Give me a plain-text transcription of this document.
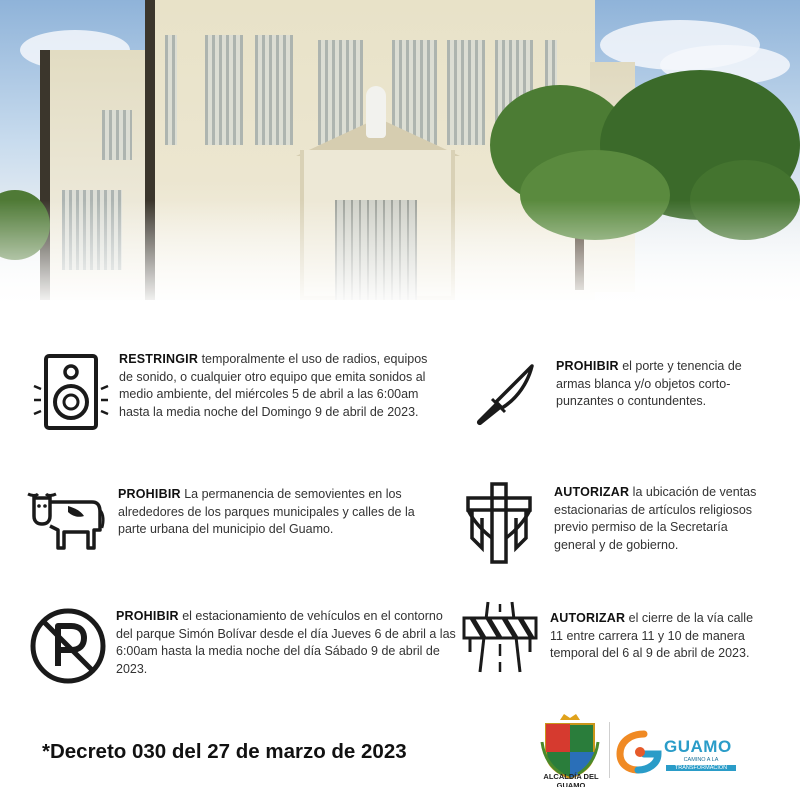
RESTRINGIR temporalmente el uso de radios, equipos de sonido, o cualquier otro equipo que emita sonidos al medio ambiente, del miércoles 5 de abril a las 6:00am hasta la media noche del Domingo 9 de abril de 2023.

PROHIBIR el porte y tenencia de armas blanca y/o objetos corto-punzantes o contundentes.

PROHIBIR La permanencia de semovientes en los alrededores de los parques municipales y calles de la parte urbana del municipio del Guamo.

AUTORIZAR la ubicación de ventas estacionarias de artículos religiosos previo permiso de la Secretaría general y de gobierno.

PROHIBIR el estacionamiento de vehículos en el contorno del parque Simón Bolívar desde el día Jueves 6 de abril a las 6:00am hasta la media noche del día Sábado 9 de abril de 2023.

AUTORIZAR el cierre de la vía calle 11 entre carrera 11 y 10 de manera temporal del 6 al 9 de abril de 2023.

*Decreto 030 del 27 de marzo de 2023
ALCALDÍA DEL GUAMO
GUAMO
CAMINO A LA
TRANSFORMACIÓN
